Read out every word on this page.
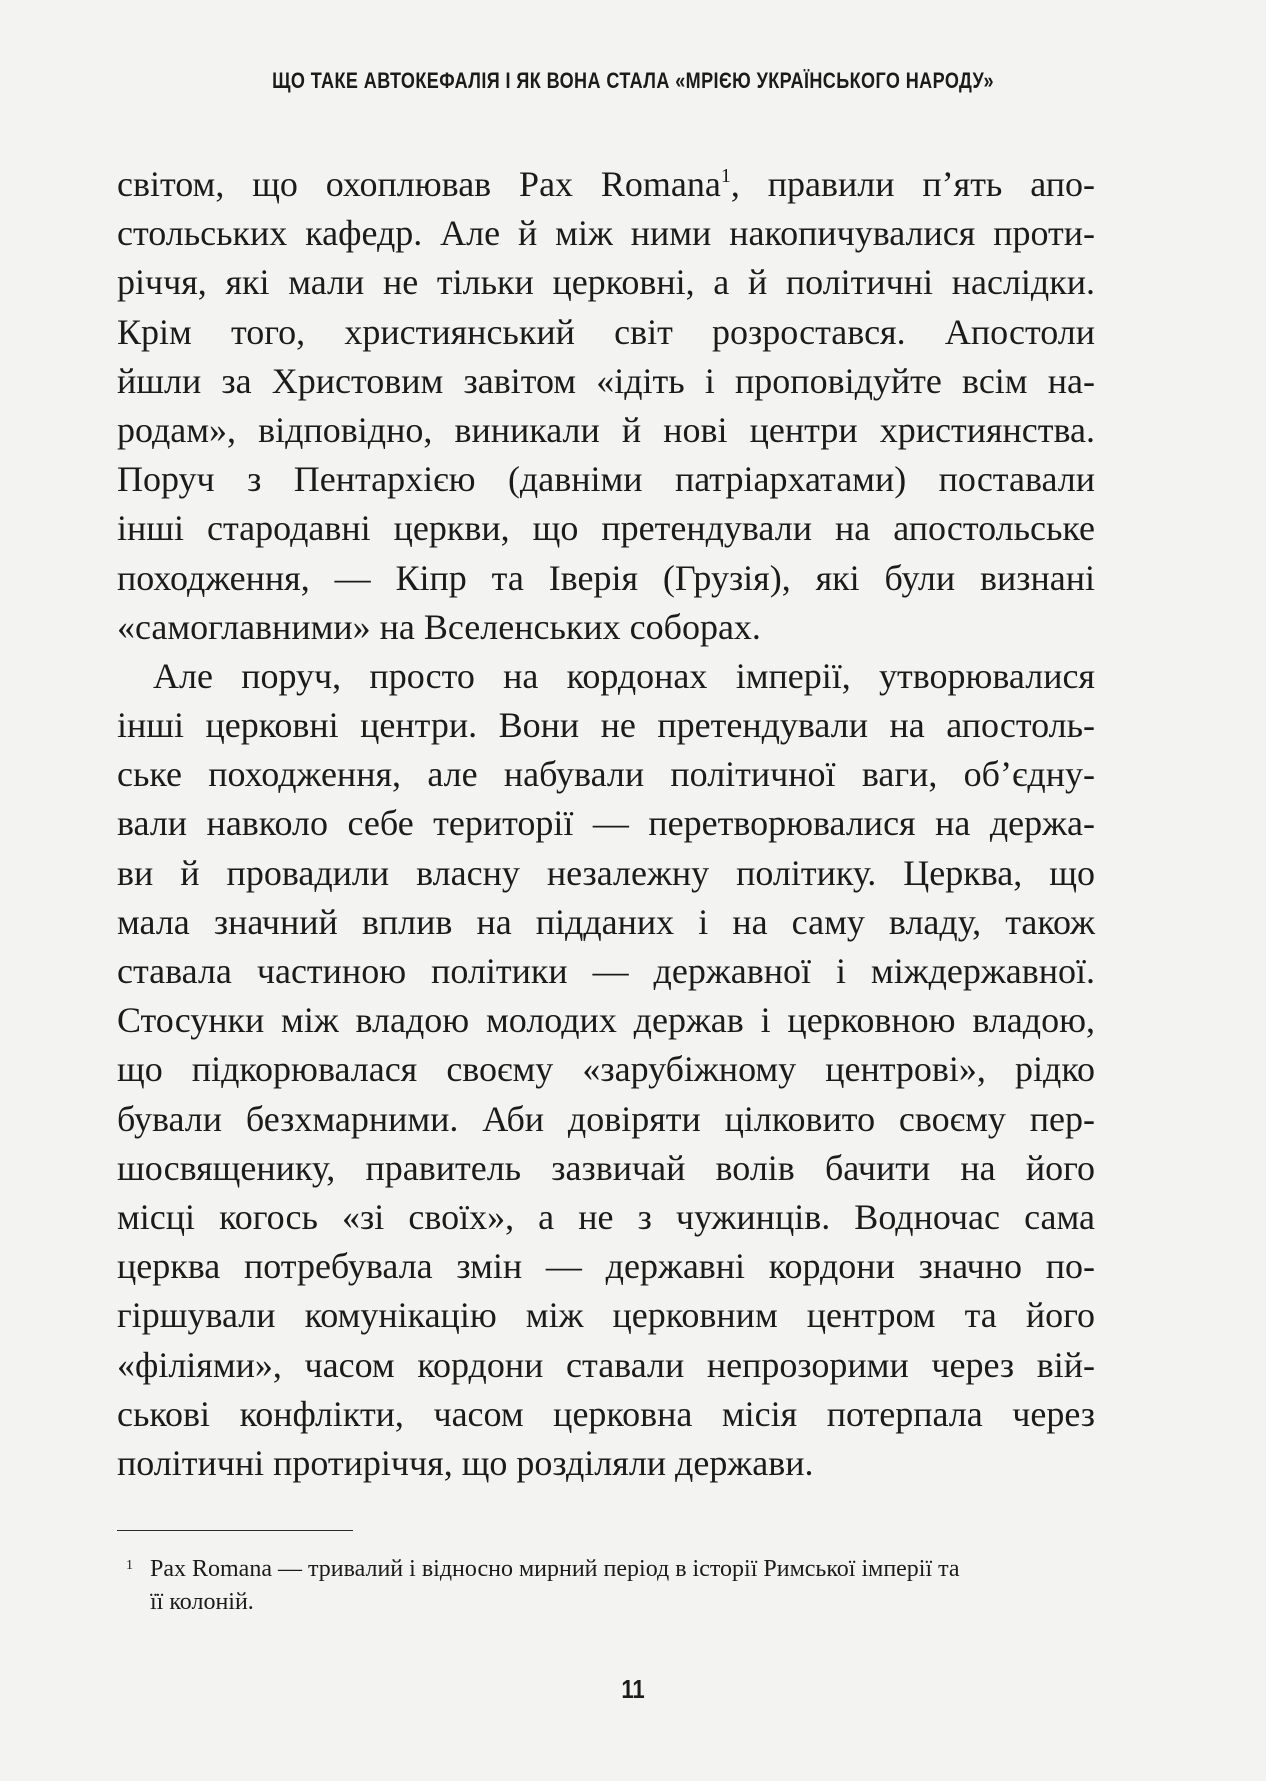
ЩО ТАКЕ АВТОКЕФАЛІЯ І ЯК ВОНА СТАЛА «МРІЄЮ УКРАЇНСЬКОГО НАРОДУ»
світом, що охоплював Pax Romana$^1$, правили п’ять апо-
стольських кафедр. Але й між ними накопичувалися проти-
річчя, які мали не тільки церковні, а й політичні наслідки.
Крім того, християнський світ розростався. Апостоли
йшли за Христовим завітом «ідіть і проповідуйте всім на-
родам», відповідно, виникали й нові центри християнства.
Поруч з Пентархією (давніми патріархатами) поставали
інші стародавні церкви, що претендували на апостольське
походження, — Кіпр та Іверія (Грузія), які були визнані
«самоглавними» на Вселенських соборах.
Але поруч, просто на кордонах імперії, утворювалися
інші церковні центри. Вони не претендували на апостоль-
ське походження, але набували політичної ваги, об’єдну-
вали навколо себе території — перетворювалися на держа-
ви й провадили власну незалежну політику. Церква, що
мала значний вплив на підданих і на саму владу, також
ставала частиною політики — державної і міждержавної.
Стосунки між владою молодих держав і церковною владою,
що підкорювалася своєму «зарубіжному центрові», рідко
бували безхмарними. Аби довіряти цілковито своєму пер-
шосвященику, правитель зазвичай волів бачити на його
місці когось «зі своїх», а не з чужинців. Водночас сама
церква потребувала змін — державні кордони значно по-
гіршували комунікацію між церковним центром та його
«філіями», часом кордони ставали непрозорими через вій-
ськові конфлікти, часом церковна місія потерпала через
політичні протиріччя, що розділяли держави.
1 Pax Romana — тривалий і відносно мирний період в історії Римської імперії та
її колоній.
11
